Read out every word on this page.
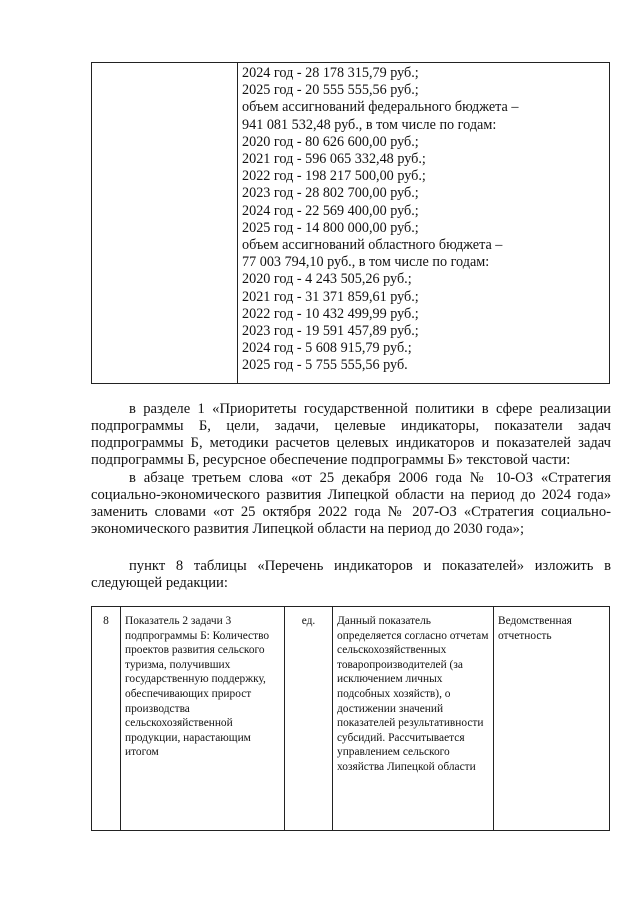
2024 год - 28 178 315,79 руб.;
2025 год - 20 555 555,56 руб.;
объем ассигнований федерального бюджета –
941 081 532,48 руб., в том числе по годам:
2020 год - 80 626 600,00 руб.;
2021 год - 596 065 332,48 руб.;
2022 год - 198 217 500,00 руб.;
2023 год - 28 802 700,00 руб.;
2024 год - 22 569 400,00 руб.;
2025 год - 14 800 000,00 руб.;
объем ассигнований областного бюджета –
77 003 794,10 руб., в том числе по годам:
2020 год - 4 243 505,26 руб.;
2021 год - 31 371 859,61 руб.;
2022 год - 10 432 499,99 руб.;
2023 год - 19 591 457,89 руб.;
2024 год - 5 608 915,79 руб.;
2025 год - 5 755 555,56 руб.

в разделе 1 «Приоритеты государственной политики в сфере реализации подпрограммы Б, цели, задачи, целевые индикаторы, показатели задач подпрограммы Б, методики расчетов целевых индикаторов и показателей задач подпрограммы Б, ресурсное обеспечение подпрограммы Б» текстовой части:

в абзаце третьем слова «от 25 декабря 2006 года № 10-ОЗ «Стратегия социально-экономического развития Липецкой области на период до 2024 года» заменить словами «от 25 октября 2022 года № 207-ОЗ «Стратегия социально-экономического развития Липецкой области на период до 2030 года»;

пункт 8 таблицы «Перечень индикаторов и показателей» изложить в следующей редакции:

8	Показатель 2 задачи 3 подпрограммы Б: Количество проектов развития сельского туризма, получивших государственную поддержку, обеспечивающих прирост производства сельскохозяйственной продукции, нарастающим итогом	ед.	Данный показатель определяется согласно отчетам сельскохозяйственных товаропроизводителей (за исключением личных подсобных хозяйств), о достижении значений показателей результативности субсидий. Рассчитывается управлением сельского хозяйства Липецкой области	Ведомственная отчетность
